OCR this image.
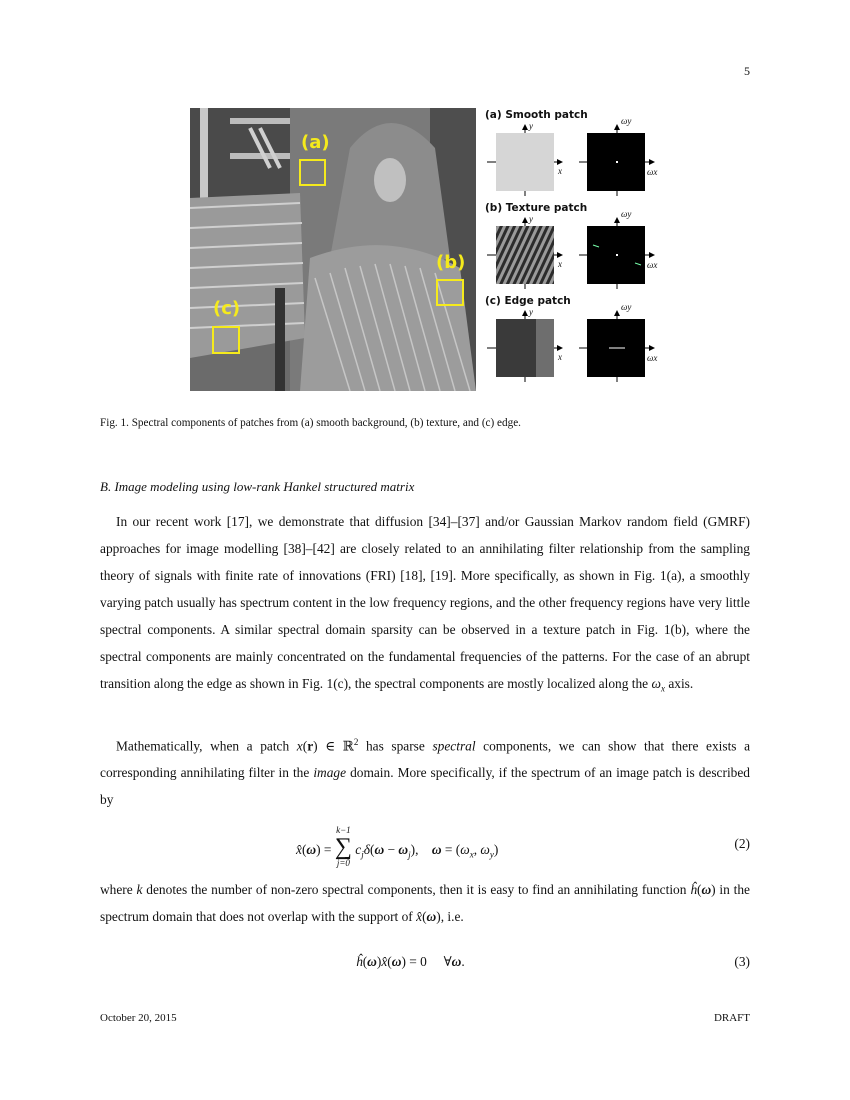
5
(a)
(b)
(c)
(a) Smooth patch
y
x
ωy
ωx
(b) Texture patch
y
x
ωy
ωx
(c) Edge patch
y
x
ωy
ωx
Fig. 1. Spectral components of patches from (a) smooth background, (b) texture, and (c) edge.
B. Image modeling using low-rank Hankel structured matrix

In our recent work [17], we demonstrate that diffusion [34]–[37] and/or Gaussian Markov random field (GMRF) approaches for image modelling [38]–[42] are closely related to an annihilating filter relationship from the sampling theory of signals with finite rate of innovations (FRI) [18], [19]. More specifically, as shown in Fig. 1(a), a smoothly varying patch usually has spectrum content in the low frequency regions, and the other frequency regions have very little spectral components. A similar spectral domain sparsity can be observed in a texture patch in Fig. 1(b), where the spectral components are mainly concentrated on the fundamental frequencies of the patterns. For the case of an abrupt transition along the edge as shown in Fig. 1(c), the spectral components are mostly localized along the $\omega_x$ axis.

Mathematically, when a patch x(r) ∈ ℝ$^2$ has sparse spectral components, we can show that there exists a corresponding annihilating filter in the image domain. More specifically, if the spectrum of an image patch is described by

x̂(ω) =
k−1
∑
j=0
$c_j\delta(\omega - \omega_j)$,    $\omega = (\omega_x$, $\omega_y$)	(2)

where k denotes the number of non-zero spectral components, then it is easy to find an annihilating function ĥ(ω) in the spectrum domain that does not overlap with the support of x̂(ω), i.e.

ĥ(ω)x̂(ω) = 0     ∀ω.	(3)
October 20, 2015	DRAFT
